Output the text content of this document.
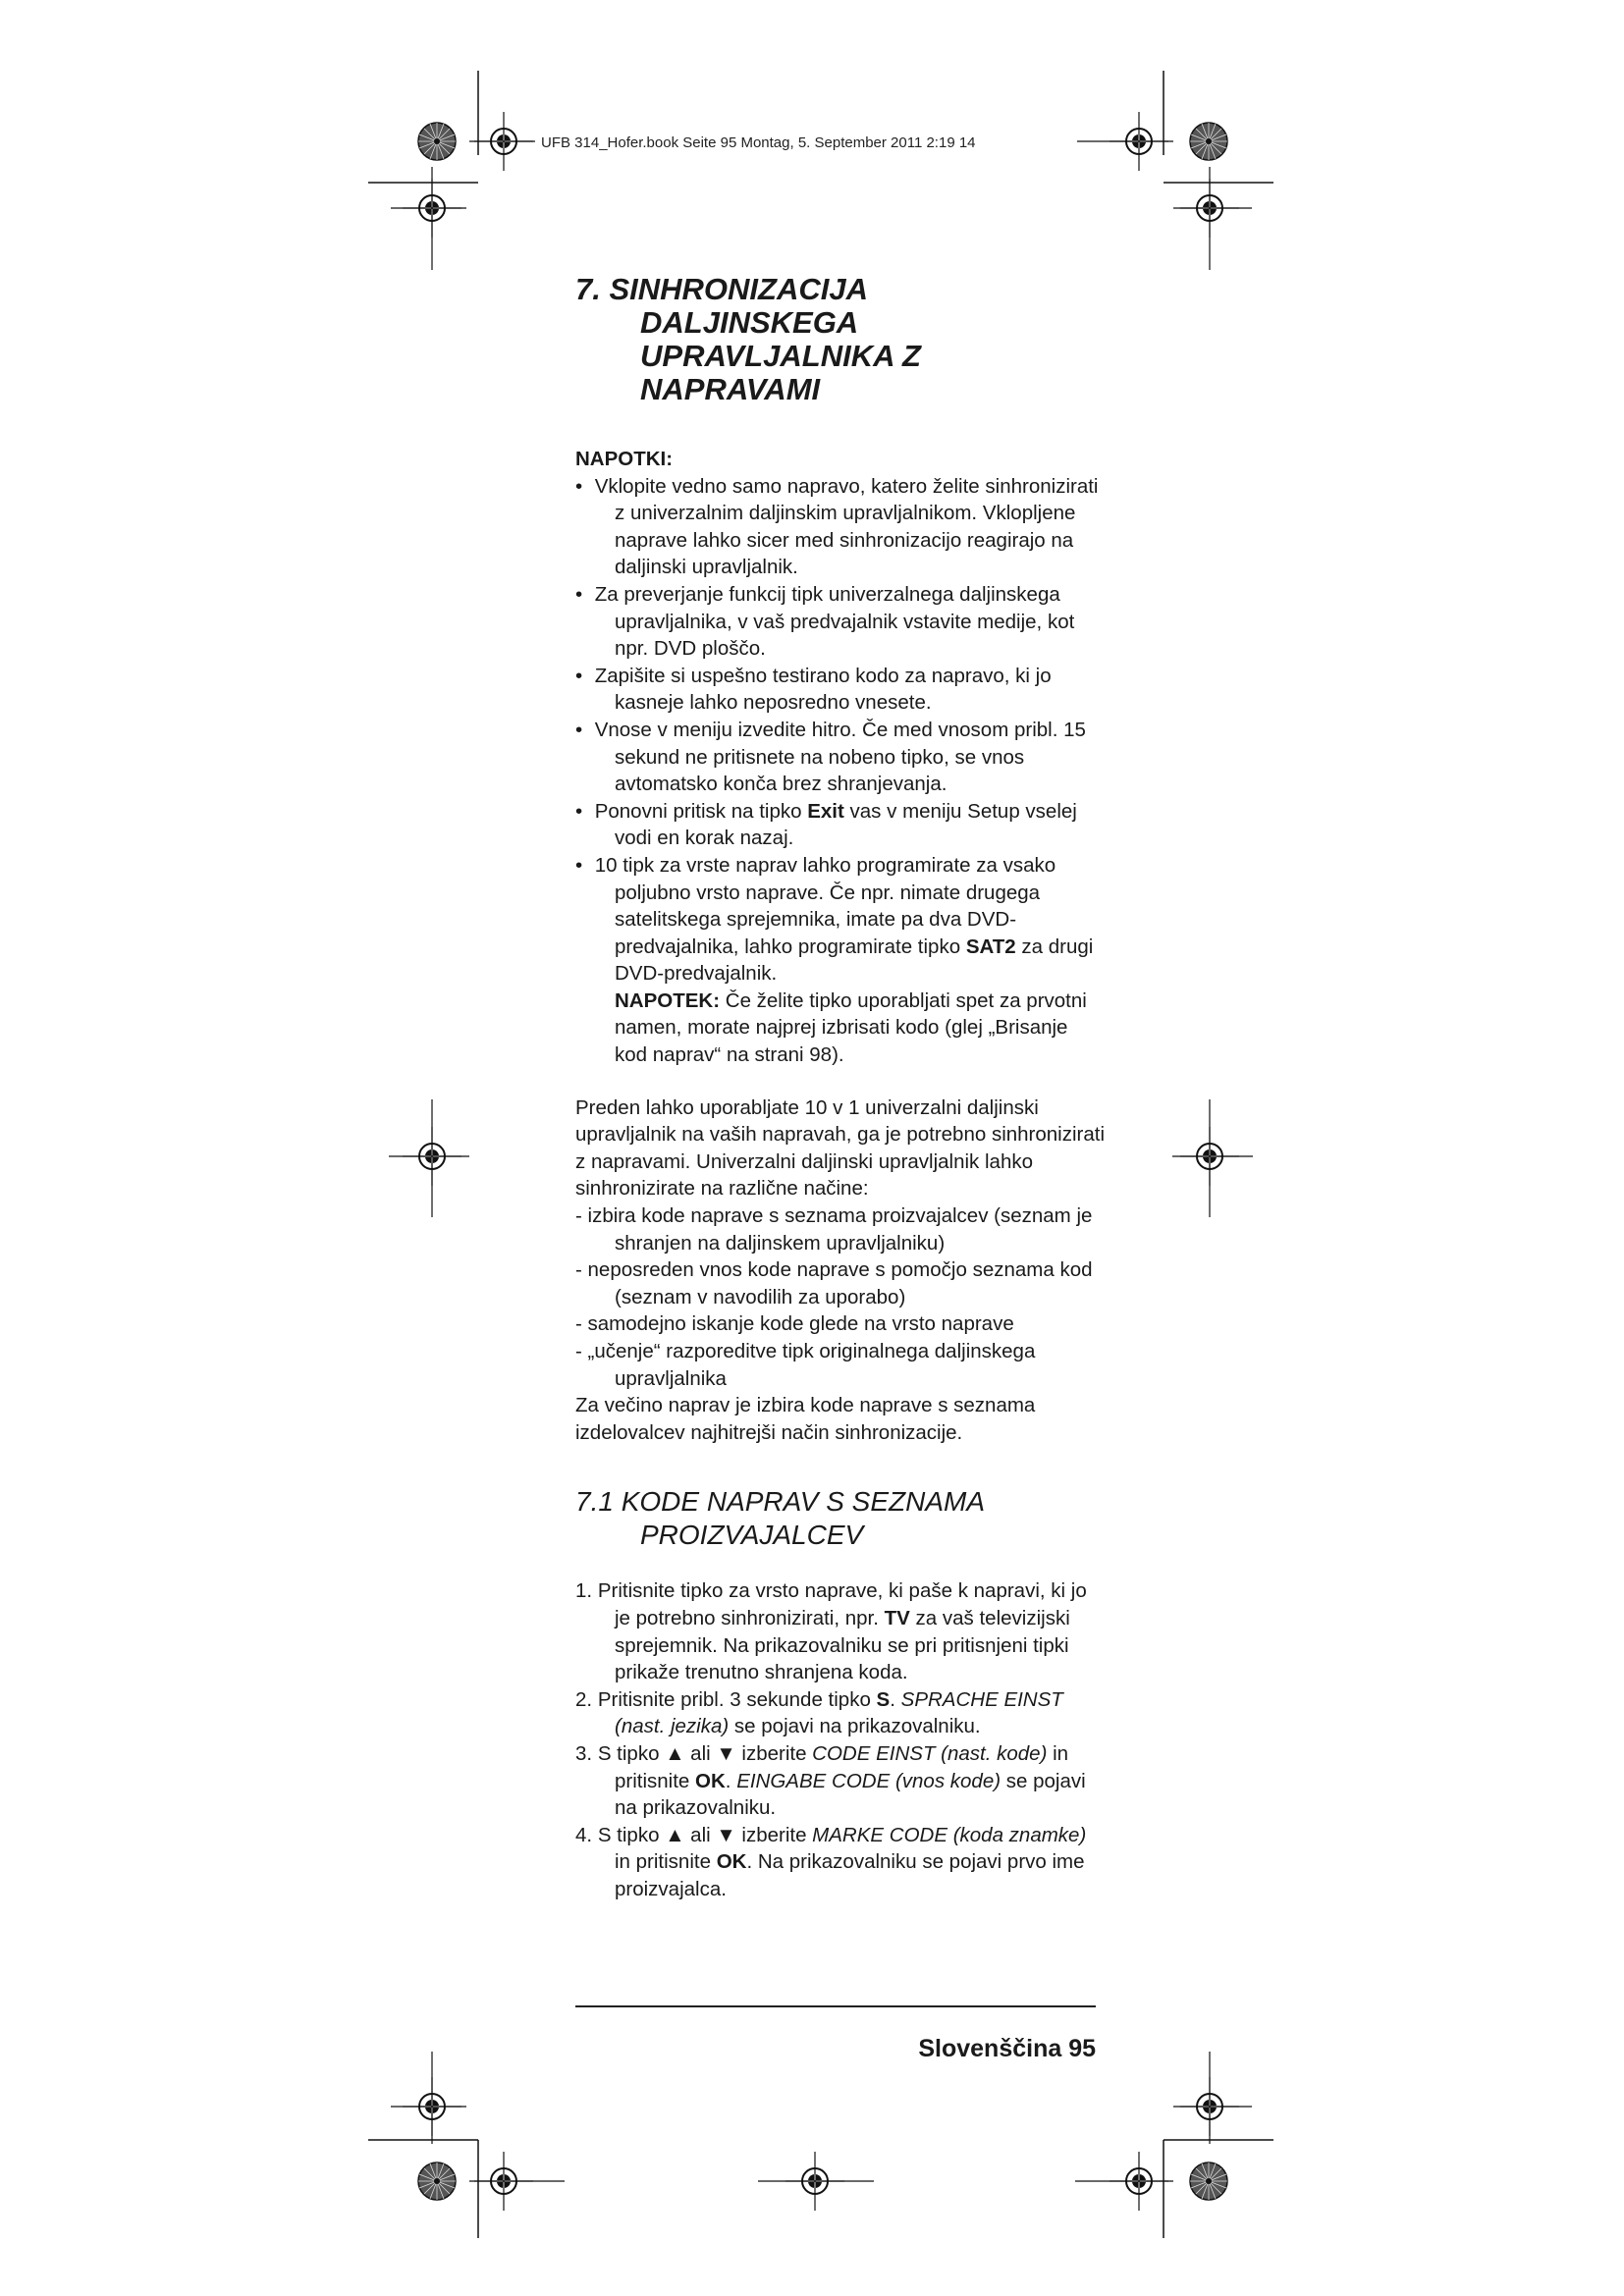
UFB 314_Hofer.book Seite 95 Montag, 5. September 2011 2:19 14
7. SINHRONIZACIJA
DALJINSKEGA
UPRAVLJALNIKA Z
NAPRAVAMI

NAPOTKI:

• Vklopite vedno samo napravo, katero želite sinhronizirati z univerzalnim daljinskim upravljalnikom. Vklopljene naprave lahko sicer med sinhronizacijo reagirajo na daljinski upravljalnik.
• Za preverjanje funkcij tipk univerzalnega daljinskega upravljalnika, v vaš predvajalnik vstavite medije, kot npr. DVD ploščo.
• Zapišite si uspešno testirano kodo za napravo, ki jo kasneje lahko neposredno vnesete.
• Vnose v meniju izvedite hitro. Če med vnosom pribl. 15 sekund ne pritisnete na nobeno tipko, se vnos avtomatsko konča brez shranjevanja.
• Ponovni pritisk na tipko Exit vas v meniju Setup vselej vodi en korak nazaj.
• 10 tipk za vrste naprav lahko programirate za vsako poljubno vrsto naprave. Če npr. nimate drugega satelitskega sprejemnika, imate pa dva DVD-predvajalnika, lahko programirate tipko SAT2 za drugi DVD-predvajalnik.

NAPOTEK: Če želite tipko uporabljati spet za prvotni namen, morate najprej izbrisati kodo (glej „Brisanje kod naprav“ na strani 98).

Preden lahko uporabljate 10 v 1 univerzalni daljinski upravljalnik na vaših napravah, ga je potrebno sinhronizirati z napravami. Univerzalni daljinski upravljalnik lahko sinhronizirate na različne načine:

- izbira kode naprave s seznama proizvajalcev (seznam je shranjen na daljinskem upravljalniku)
- neposreden vnos kode naprave s pomočjo seznama kod (seznam v navodilih za uporabo)
- samodejno iskanje kode glede na vrsto naprave
- „učenje“ razporeditve tipk originalnega daljinskega upravljalnika

Za večino naprav je izbira kode naprave s seznama izdelovalcev najhitrejši način sinhronizacije.

7.1 KODE NAPRAV S SEZNAMA
PROIZVAJALCEV
1. Pritisnite tipko za vrsto naprave, ki paše k napravi, ki jo je potrebno sinhronizirati, npr. TV za vaš televizijski sprejemnik. Na prikazovalniku se pri pritisnjeni tipki prikaže trenutno shranjena koda.
2. Pritisnite pribl. 3 sekunde tipko S. SPRACHE EINST (nast. jezika) se pojavi na prikazovalniku.
3. S tipko ▲ ali ▼ izberite CODE EINST (nast. kode) in pritisnite OK. EINGABE CODE (vnos kode) se pojavi na prikazovalniku.
4. S tipko ▲ ali ▼ izberite MARKE CODE (koda znamke) in pritisnite OK. Na prikazovalniku se pojavi prvo ime proizvajalca.
Slovenščina 95
